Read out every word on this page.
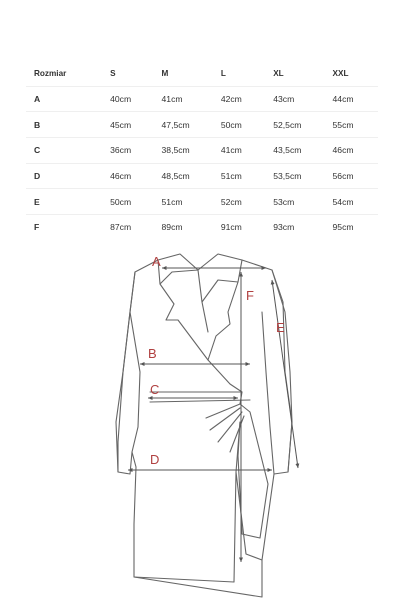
Rozmiar	S	M	L	XL	XXL
A	40cm	41cm	42cm	43cm	44cm
B	45cm	47,5cm	50cm	52,5cm	55cm
C	36cm	38,5cm	41cm	43,5cm	46cm
D	46cm	48,5cm	51cm	53,5cm	56cm
E	50cm	51cm	52cm	53cm	54cm
F	87cm	89cm	91cm	93cm	95cm
A
B
C
D
E
F
